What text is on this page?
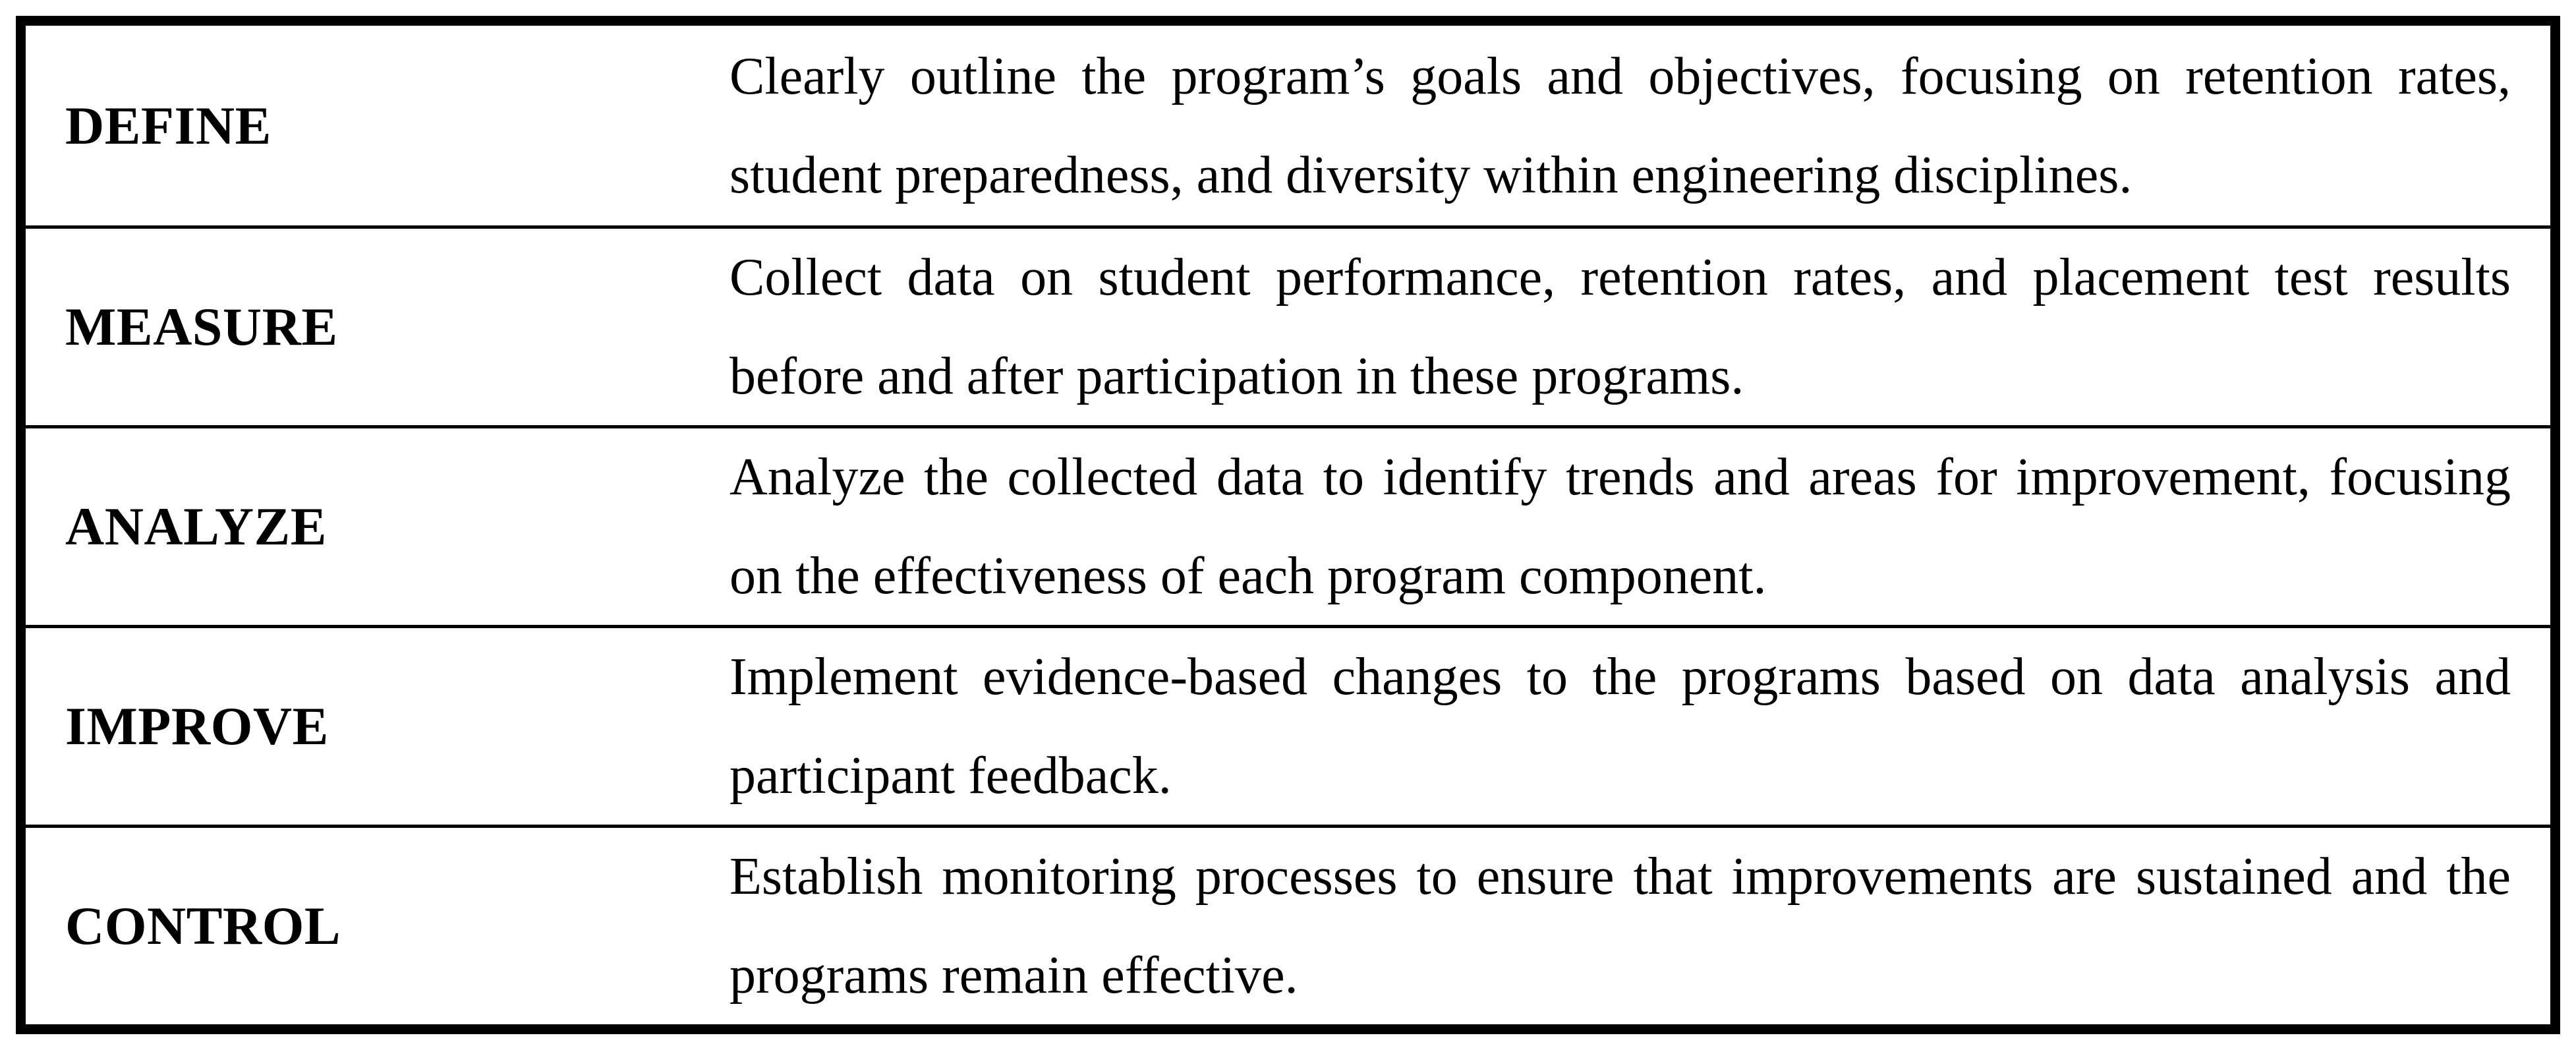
DEFINE
Clearly outline the program’s goals and objectives, focusing on retention rates, student preparedness, and diversity within engineering disciplines.
MEASURE
Collect data on student performance, retention rates, and placement test results before and after participation in these programs.
ANALYZE
Analyze the collected data to identify trends and areas for improvement, focusing on the effectiveness of each program component.
IMPROVE
Implement evidence-based changes to the programs based on data analysis and participant feedback.
CONTROL
Establish monitoring processes to ensure that improvements are sustained and the programs remain effective.
